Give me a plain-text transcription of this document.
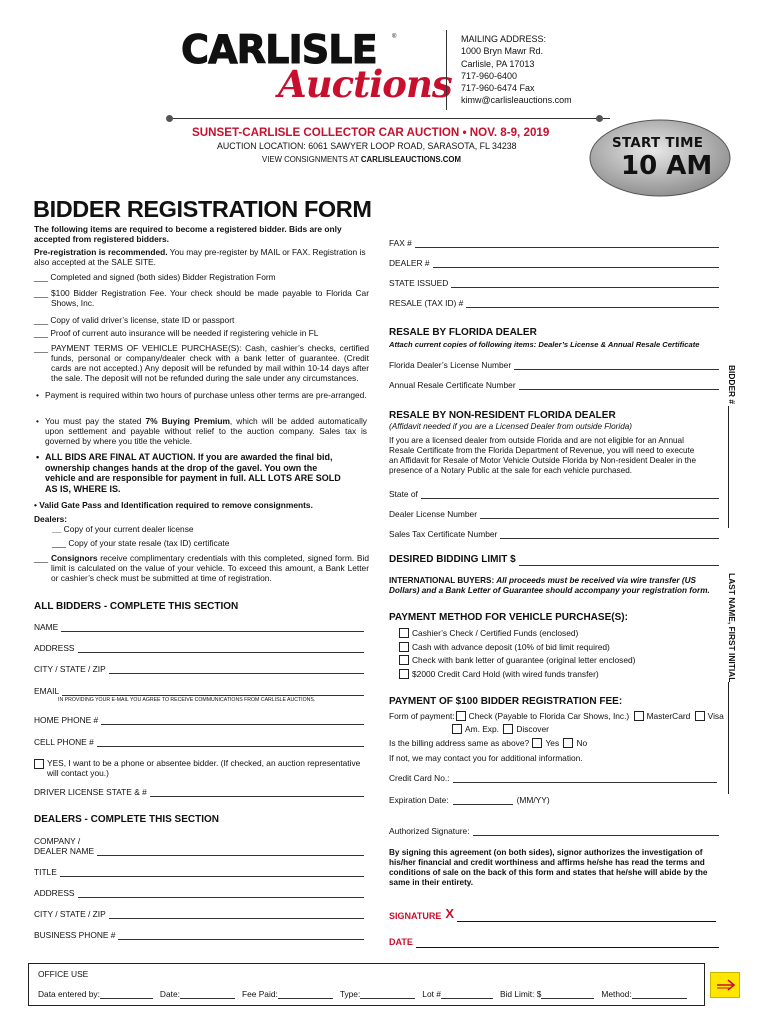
CARLISLE
Auctions
®	MAILING ADDRESS:
1000 Bryn Mawr Rd.
Carlisle, PA 17013
717-960-6400
717-960-6474 Fax
kimw@carlisleauctions.com
SUNSET-CARLISLE COLLECTOR CAR AUCTION • NOV. 8-9, 2019
AUCTION LOCATION: 6061 SAWYER LOOP ROAD, SARASOTA, FL 34238
VIEW CONSIGNMENTS AT CARLISLEAUCTIONS.COM
START TIME
10 AM
BIDDER REGISTRATION FORM
The following items are required to become a registered bidder. Bids are only accepted from registered bidders.
Pre-registration is recommended. You may pre-register by MAIL or FAX. Registration is also accepted at the SALE SITE.
___ Completed and signed (both sides) Bidder Registration Form
___ $100 Bidder Registration Fee. Your check should be made payable to Florida Car Shows, Inc.
___ Copy of valid driver’s license, state ID or passport
___ Proof of current auto insurance will be needed if registering vehicle in FL
___ PAYMENT TERMS OF VEHICLE PURCHASE(S): Cash, cashier’s checks, certified funds, personal or company/dealer check with a bank letter of guarantee. (Credit cards are not accepted.) Any deposit will be refunded by mail within 10-14 days after the sale. The deposit will not be refunded during the sale under any circumstances.
• Payment is required within two hours of purchase unless other terms are pre-arranged.
• You must pay the stated 7% Buying Premium, which will be added automatically upon settlement and payable without relief to the auction company. Sales tax is governed by where you title the vehicle.
• ALL BIDS ARE FINAL AT AUCTION. If you are awarded the final bid, ownership changes hands at the drop of the gavel. You own the vehicle and are responsible for payment in full. ALL LOTS ARE SOLD AS IS, WHERE IS.
• Valid Gate Pass and Identification required to remove consignments.
Dealers:
__ Copy of your current dealer license
___ Copy of your state resale (tax ID) certificate
___ Consignors receive complimentary credentials with this completed, signed form. Bid limit is calculated on the value of your vehicle. To exceed this amount, a Bank Letter or cashier’s check must be submitted at time of registration.
ALL BIDDERS - COMPLETE THIS SECTION
NAME
ADDRESS
CITY / STATE / ZIP
EMAIL
IN PROVIDING YOUR E-MAIL YOU AGREE TO RECEIVE COMMUNICATIONS FROM CARLISLE AUCTIONS.
HOME PHONE #
CELL PHONE #
YES, I want to be a phone or absentee bidder. (If checked, an auction representative will contact you.)
DRIVER LICENSE STATE & #
DEALERS - COMPLETE THIS SECTION
COMPANY /
DEALER NAME
TITLE
ADDRESS
CITY / STATE / ZIP
BUSINESS PHONE #
FAX #
DEALER #
STATE ISSUED
RESALE (TAX ID) #
RESALE BY FLORIDA DEALER
Attach current copies of following items: Dealer’s License & Annual Resale Certificate
Florida Dealer’s License Number
Annual Resale Certificate Number
RESALE BY NON-RESIDENT FLORIDA DEALER
(Affidavit needed if you are a Licensed Dealer from outside Florida)
If you are a licensed dealer from outside Florida and are not eligible for an Annual Resale Certificate from the Florida Department of Revenue, you will need to execute an Affidavit for Resale of Motor Vehicle Outside Florida by Non-resident Dealer in the presence of a Notary Public at the sale for each vehicle purchased.
State of
Dealer License Number
Sales Tax Certificate Number
DESIRED BIDDING LIMIT $
INTERNATIONAL BUYERS: All proceeds must be received via wire transfer (US Dollars) and a Bank Letter of Guarantee should accompany your registration form.
PAYMENT METHOD FOR VEHICLE PURCHASE(S):
Cashier’s Check / Certified Funds (enclosed)
Cash with advance deposit (10% of bid limit required)
Check with bank letter of guarantee (original letter enclosed)
$2000 Credit Card Hold (with wired funds transfer)
PAYMENT OF $100 BIDDER REGISTRATION FEE:
Form of payment: Check (Payable to Florida Car Shows, Inc.) MasterCard Visa
Am. Exp. Discover
Is the billing address same as above? Yes No
If not, we may contact you for additional information.
Credit Card No.:
Expiration Date:	(MM/YY)
Authorized Signature:
By signing this agreement (on both sides), signor authorizes the investigation of his/her financial and credit worthiness and affirms he/she has read the terms and conditions of sale on the back of this form and states that he/she will abide by the same in their entirety.
SIGNATURE X
DATE
BIDDER #
LAST NAME, FIRST INITIAL
OFFICE USE
Data entered by:	Date:	Fee Paid:	Type:	Lot #	Bid Limit: $	Method:
